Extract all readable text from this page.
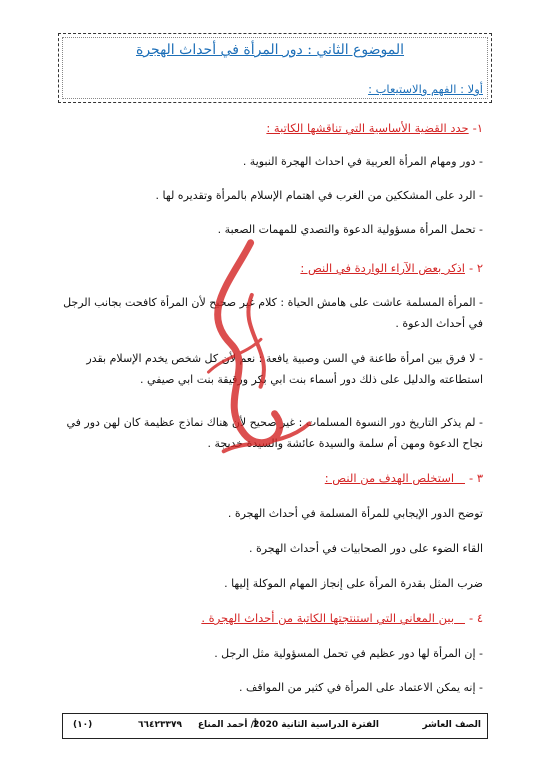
الموضوع الثاني : دور المرأة في أحداث الهجرة
أولا : الفهم والاستيعاب :
١-حدد القضية الأساسية التي تناقشها الكاتبة :
- دور ومهام المرأة العربية في احداث الهجرة النبوية .
- الرد على المشككين من الغرب في اهتمام الإسلام بالمرأة وتقديره لها .
- تحمل المرأة مسؤولية الدعوة والتصدي للمهمات الصعبة .
٢ -اذكر بعض الآراء الواردة في النص :
- المرأة المسلمة عاشت على هامش الحياة : كلام غير صحيح لأن المرأة كافحت بجانب الرجل في أحداث الدعوة .
- لا فرق بين امرأة طاعنة في السن وصبية يافعة : نعم لأن كل شخص يخدم الإسلام بقدر استطاعته والدليل على ذلك دور أسماء بنت ابي بكر ورقيقة بنت ابي صيفي .
- لم يذكر التاريخ دور النسوة المسلمات : غير صحيح لأن هناك نماذج عظيمة كان لهن دور في نجاح الدعوة ومهن أم سلمة والسيدة عائشة والسيدة خديجة .
٣ -   استخلص الهدف من النص :
توضح الدور الإيجابي للمرأة المسلمة في أحداث الهجرة .
القاء الضوء على دور الصحابيات في أحداث الهجرة .
ضرب المثل بقدرة المرأة على إنجاز المهام الموكلة إليها .
٤ -   بين المعاني التي استنتجتها الكاتبة من أحداث الهجرة .
- إن المرأة لها دور عظيم في تحمل المسؤولية مثل الرجل .
- إنه يمكن الاعتماد على المرأة في كثير من المواقف .
الصف العاشر
الفترة الدراسية الثانية 2020
أ/ أحمد المناع
٦٦٤٢٣٣٧٩
(١٠)
